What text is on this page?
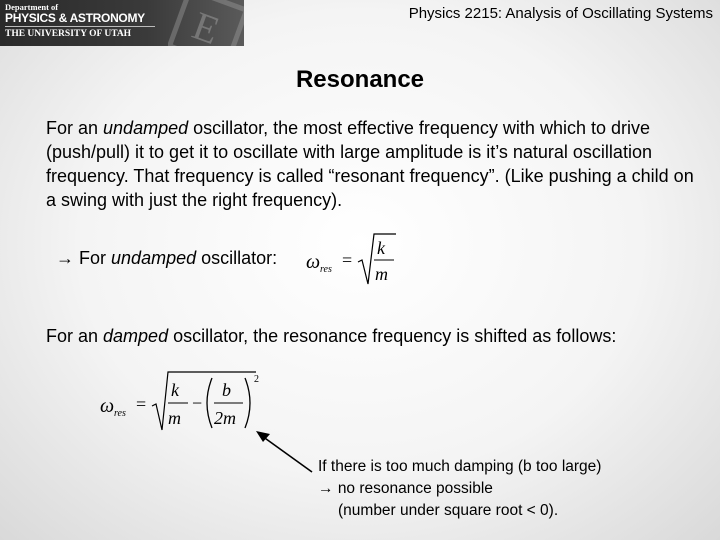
Department of
PHYSICS & ASTRONOMY
THE UNIVERSITY OF UTAH E	Physics 2215: Analysis of Oscillating Systems
Resonance
For an undamped oscillator, the most effective frequency with which to drive (push/pull) it to get it to oscillate with large amplitude is it’s natural oscillation frequency. That frequency is called “resonant frequency”. (Like pushing a child on a swing with just the right frequency).
→ For undamped oscillator: ω res =
k
m
For an damped oscillator, the resonance frequency is shifted as follows:
ω res =
k
m
−
b
2m
2
If there is too much damping (b too large)
→ no resonance possible
(number under square root < 0).
